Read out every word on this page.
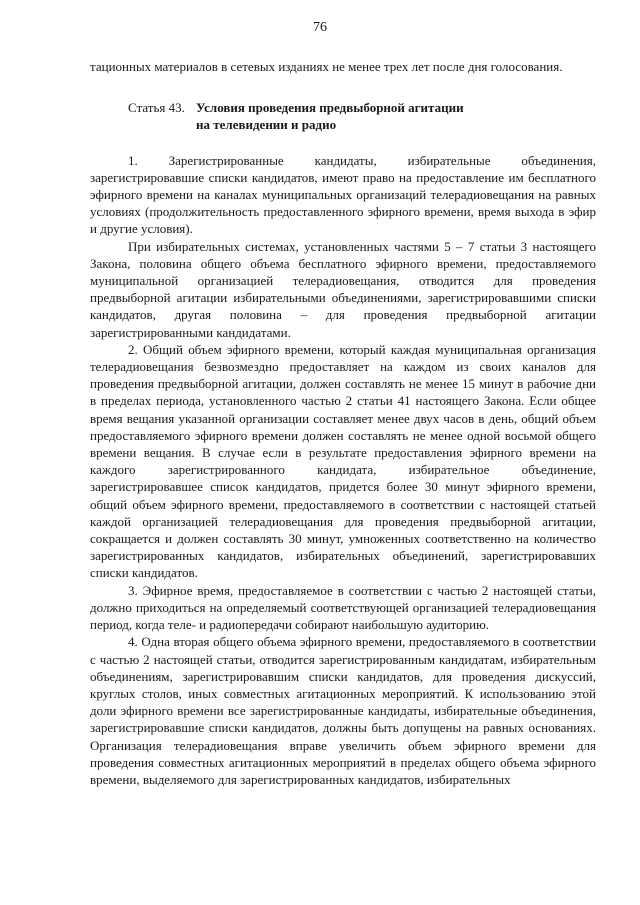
76

тационных материалов в сетевых изданиях не менее трех лет после дня голосования.

Статья 43. Условия проведения предвыборной агитации
на телевидении и радио

1. Зарегистрированные кандидаты, избирательные объединения, зарегистрировавшие списки кандидатов, имеют право на предоставление им бесплатного эфирного времени на каналах муниципальных организаций телерадиовещания на равных условиях (продолжительность предоставленного эфирного времени, время выхода в эфир и другие условия).

При избирательных системах, установленных частями 5 – 7 статьи 3 настоящего Закона, половина общего объема бесплатного эфирного времени, предоставляемого муниципальной организацией телерадиовещания, отводится для проведения предвыборной агитации избирательными объединениями, зарегистрировавшими списки кандидатов, другая половина – для проведения предвыборной агитации зарегистрированными кандидатами.

2. Общий объем эфирного времени, который каждая муниципальная организация телерадиовещания безвозмездно предоставляет на каждом из своих каналов для проведения предвыборной агитации, должен составлять не менее 15 минут в рабочие дни в пределах периода, установленного частью 2 статьи 41 настоящего Закона. Если общее время вещания указанной организации составляет менее двух часов в день, общий объем предоставляемого эфирного времени должен составлять не менее одной восьмой общего времени вещания. В случае если в результате предоставления эфирного времени на каждого зарегистрированного кандидата, избирательное объединение, зарегистрировавшее список кандидатов, придется более 30 минут эфирного времени, общий объем эфирного времени, предоставляемого в соответствии с настоящей статьей каждой организацией телерадиовещания для проведения предвыборной агитации, сокращается и должен составлять 30 минут, умноженных соответственно на количество зарегистрированных кандидатов, избирательных объединений, зарегистрировавших списки кандидатов.

3. Эфирное время, предоставляемое в соответствии с частью 2 настоящей статьи, должно приходиться на определяемый соответствующей организацией телерадиовещания период, когда теле- и радиопередачи собирают наибольшую аудиторию.

4. Одна вторая общего объема эфирного времени, предоставляемого в соответствии с частью 2 настоящей статьи, отводится зарегистрированным кандидатам, избирательным объединениям, зарегистрировавшим списки кандидатов, для проведения дискуссий, круглых столов, иных совместных агитационных мероприятий. К использованию этой доли эфирного времени все зарегистрированные кандидаты, избирательные объединения, зарегистрировавшие списки кандидатов, должны быть допущены на равных основаниях. Организация телерадиовещания вправе увеличить объем эфирного времени для проведения совместных агитационных мероприятий в пределах общего объема эфирного времени, выделяемого для зарегистрированных кандидатов, избирательных
